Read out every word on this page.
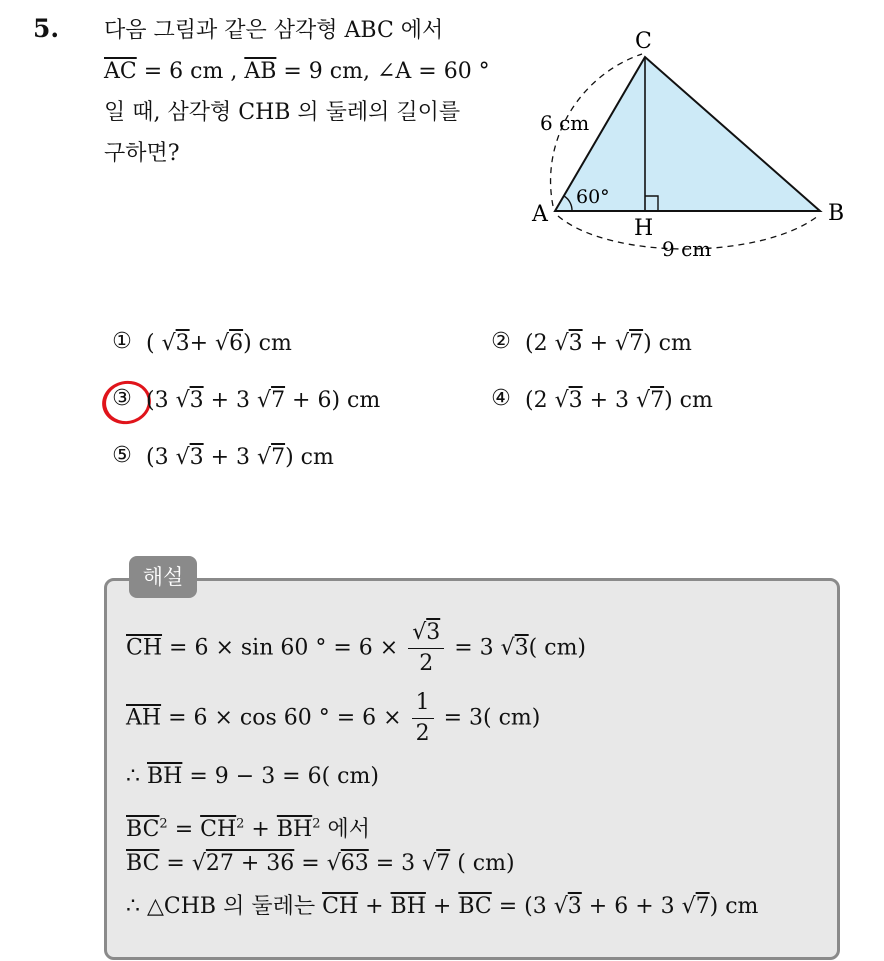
5. 다음 그림과 같은 삼각형 ABC 에서
$\overline{AC} = 6$ cm , $\overline{AB} = 9$ cm, ∠A = 60 °
일 때, 삼각형 CHB 의 둘레의 길이를
구하면?
C
A	B
H
6 cm
9 cm
60°
① ( √3+ √6) cm	② (2 √3 + √7) cm
③ (3 √3 + 3 √7 + 6) cm	④ (2 √3 + 3 √7) cm
⑤ (3 √3 + 3 √7) cm
해설
$\overline{CH} = 6 \times \sin 60$ ° = $6 \times \frac{√3}{2} = 3$ √3( cm)
$\overline{AH} = 6 \times \cos 60$ ° = $6 \times \frac{1}{2} = 3$( cm)
∴ $\overline{BH} = 9 - 3 = 6$( cm)
$\overline{BC}^2 = \overline{CH}^2 + \overline{BH}^2$ 에서
$\overline{BC} = √27 + 36 = √63 = 3$ √7 ( cm)
∴ △CHB 의 둘레는 $\overline{CH} + \overline{BH} + \overline{BC} = (3$ √3 + 6 + 3 √7) cm
